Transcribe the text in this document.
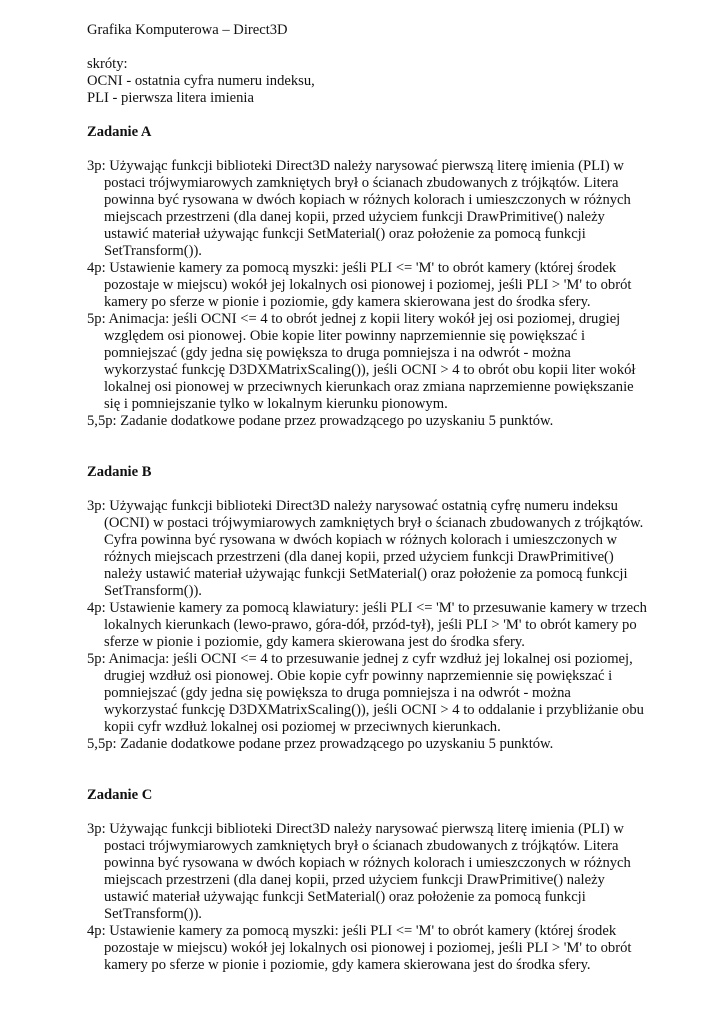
Grafika Komputerowa – Direct3D
skróty:
OCNI - ostatnia cyfra numeru indeksu,
PLI - pierwsza litera imienia
Zadanie A
3p: Używając funkcji biblioteki Direct3D należy narysować pierwszą literę imienia (PLI) w postaci trójwymiarowych zamkniętych brył o ścianach zbudowanych z trójkątów. Litera powinna być rysowana w dwóch kopiach w różnych kolorach i umieszczonych w różnych miejscach przestrzeni (dla danej kopii, przed użyciem funkcji DrawPrimitive() należy ustawić materiał używając funkcji SetMaterial() oraz położenie za pomocą funkcji SetTransform()).
4p: Ustawienie kamery za pomocą myszki: jeśli PLI <= 'M' to obrót kamery (której środek pozostaje w miejscu) wokół jej lokalnych osi pionowej i poziomej, jeśli PLI > 'M' to obrót kamery po sferze w pionie i poziomie, gdy kamera skierowana jest do środka sfery.
5p: Animacja: jeśli OCNI <= 4 to obrót jednej z kopii litery wokół jej osi poziomej, drugiej względem osi pionowej. Obie kopie liter powinny naprzemiennie się powiększać i pomniejszać (gdy jedna się powiększa to druga pomniejsza i na odwrót - można wykorzystać funkcję D3DXMatrixScaling()), jeśli OCNI > 4 to obrót obu kopii liter wokół lokalnej osi pionowej w przeciwnych kierunkach oraz zmiana naprzemienne powiększanie się i pomniejszanie tylko w lokalnym kierunku pionowym.
5,5p: Zadanie dodatkowe podane przez prowadzącego po uzyskaniu 5 punktów.
Zadanie B
3p: Używając funkcji biblioteki Direct3D należy narysować ostatnią cyfrę numeru indeksu (OCNI) w postaci trójwymiarowych zamkniętych brył o ścianach zbudowanych z trójkątów. Cyfra powinna być rysowana w dwóch kopiach w różnych kolorach i umieszczonych w różnych miejscach przestrzeni (dla danej kopii, przed użyciem funkcji DrawPrimitive() należy ustawić materiał używając funkcji SetMaterial() oraz położenie za pomocą funkcji SetTransform()).
4p: Ustawienie kamery za pomocą klawiatury: jeśli PLI <= 'M' to przesuwanie kamery w trzech lokalnych kierunkach (lewo-prawo, góra-dół, przód-tył), jeśli PLI > 'M' to obrót kamery po sferze w pionie i poziomie, gdy kamera skierowana jest do środka sfery.
5p: Animacja: jeśli OCNI <= 4 to przesuwanie jednej z cyfr wzdłuż jej lokalnej osi poziomej, drugiej wzdłuż osi pionowej. Obie kopie cyfr powinny naprzemiennie się powiększać i pomniejszać (gdy jedna się powiększa to druga pomniejsza i na odwrót - można wykorzystać funkcję D3DXMatrixScaling()), jeśli OCNI > 4 to oddalanie i przybliżanie obu kopii cyfr wzdłuż lokalnej osi poziomej w przeciwnych kierunkach.
5,5p: Zadanie dodatkowe podane przez prowadzącego po uzyskaniu 5 punktów.
Zadanie C
3p: Używając funkcji biblioteki Direct3D należy narysować pierwszą literę imienia (PLI) w postaci trójwymiarowych zamkniętych brył o ścianach zbudowanych z trójkątów. Litera powinna być rysowana w dwóch kopiach w różnych kolorach i umieszczonych w różnych miejscach przestrzeni (dla danej kopii, przed użyciem funkcji DrawPrimitive() należy ustawić materiał używając funkcji SetMaterial() oraz położenie za pomocą funkcji SetTransform()).
4p: Ustawienie kamery za pomocą myszki: jeśli PLI <= 'M' to obrót kamery (której środek pozostaje w miejscu) wokół jej lokalnych osi pionowej i poziomej, jeśli PLI > 'M' to obrót kamery po sferze w pionie i poziomie, gdy kamera skierowana jest do środka sfery.
